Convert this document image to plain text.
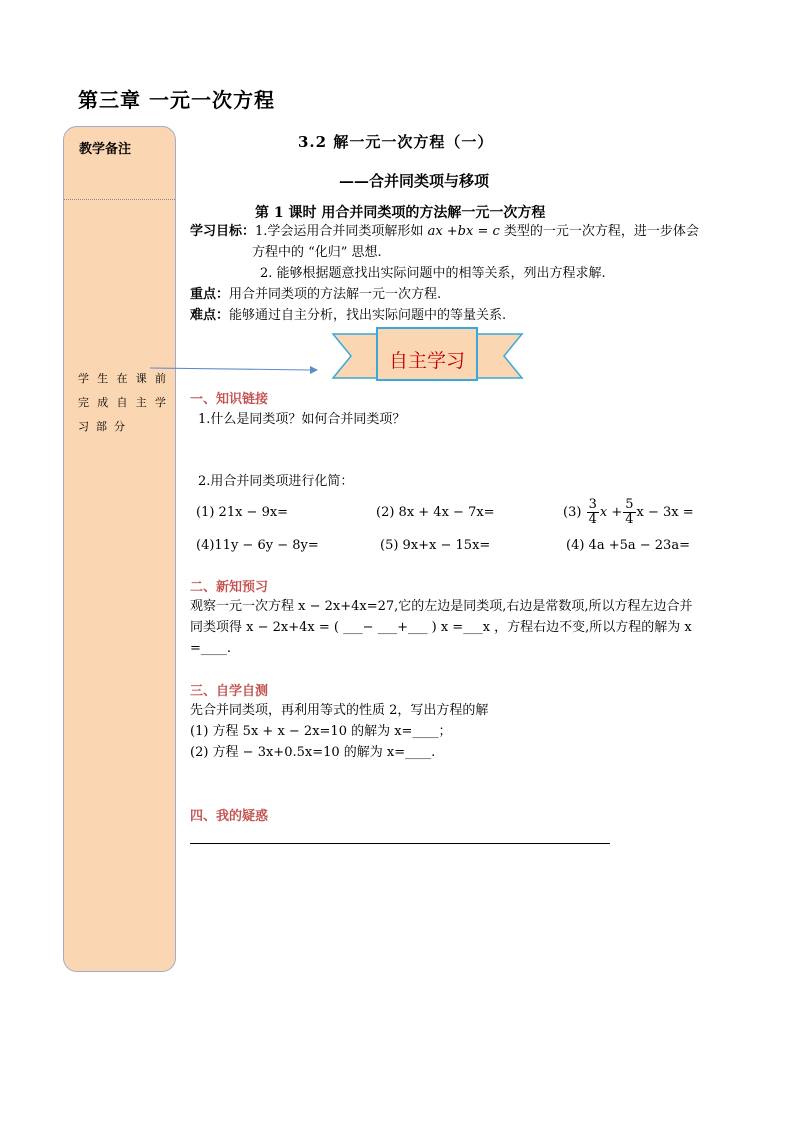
第三章 一元一次方程
教学备注
学生在课前
完成自主学
习部分
3.2 解一元一次方程（一）
——合并同类项与移项
第 1 课时 用合并同类项的方法解一元一次方程
学习目标：1.学会运用合并同类项解形如 ax +bx = c 类型的一元一次方程，进一步体会
方程中的 “化归” 思想.
2. 能够根据题意找出实际问题中的相等关系，列出方程求解.
重点：用合并同类项的方法解一元一次方程.
难点：能够通过自主分析，找出实际问题中的等量关系.
自主学习
一、知识链接
1.什么是同类项？如何合并同类项？
2.用合并同类项进行化简：
(1) 21x − 9x=	(2) 8x + 4x − 7x=	$(3) \frac{3}{4}$ $x + \frac{5}{4}$ x − 3x =
(4)11y − 6y − 8y=	(5) 9x+x − 15x=	(4) 4a +5a − 23a=
二、新知预习
观察一元一次方程 x − 2x+4x=27,它的左边是同类项,右边是常数项,所以方程左边合并
同类项得 x − 2x+4x = ( ___− ___+___ ) x =___x ，方程右边不变,所以方程的解为 x
=____.
三、自学自测
先合并同类项，再利用等式的性质 2，写出方程的解
(1) 方程 5x + x − 2x=10 的解为 x=____；
(2) 方程 − 3x+0.5x=10 的解为 x=____.
四、我的疑惑
